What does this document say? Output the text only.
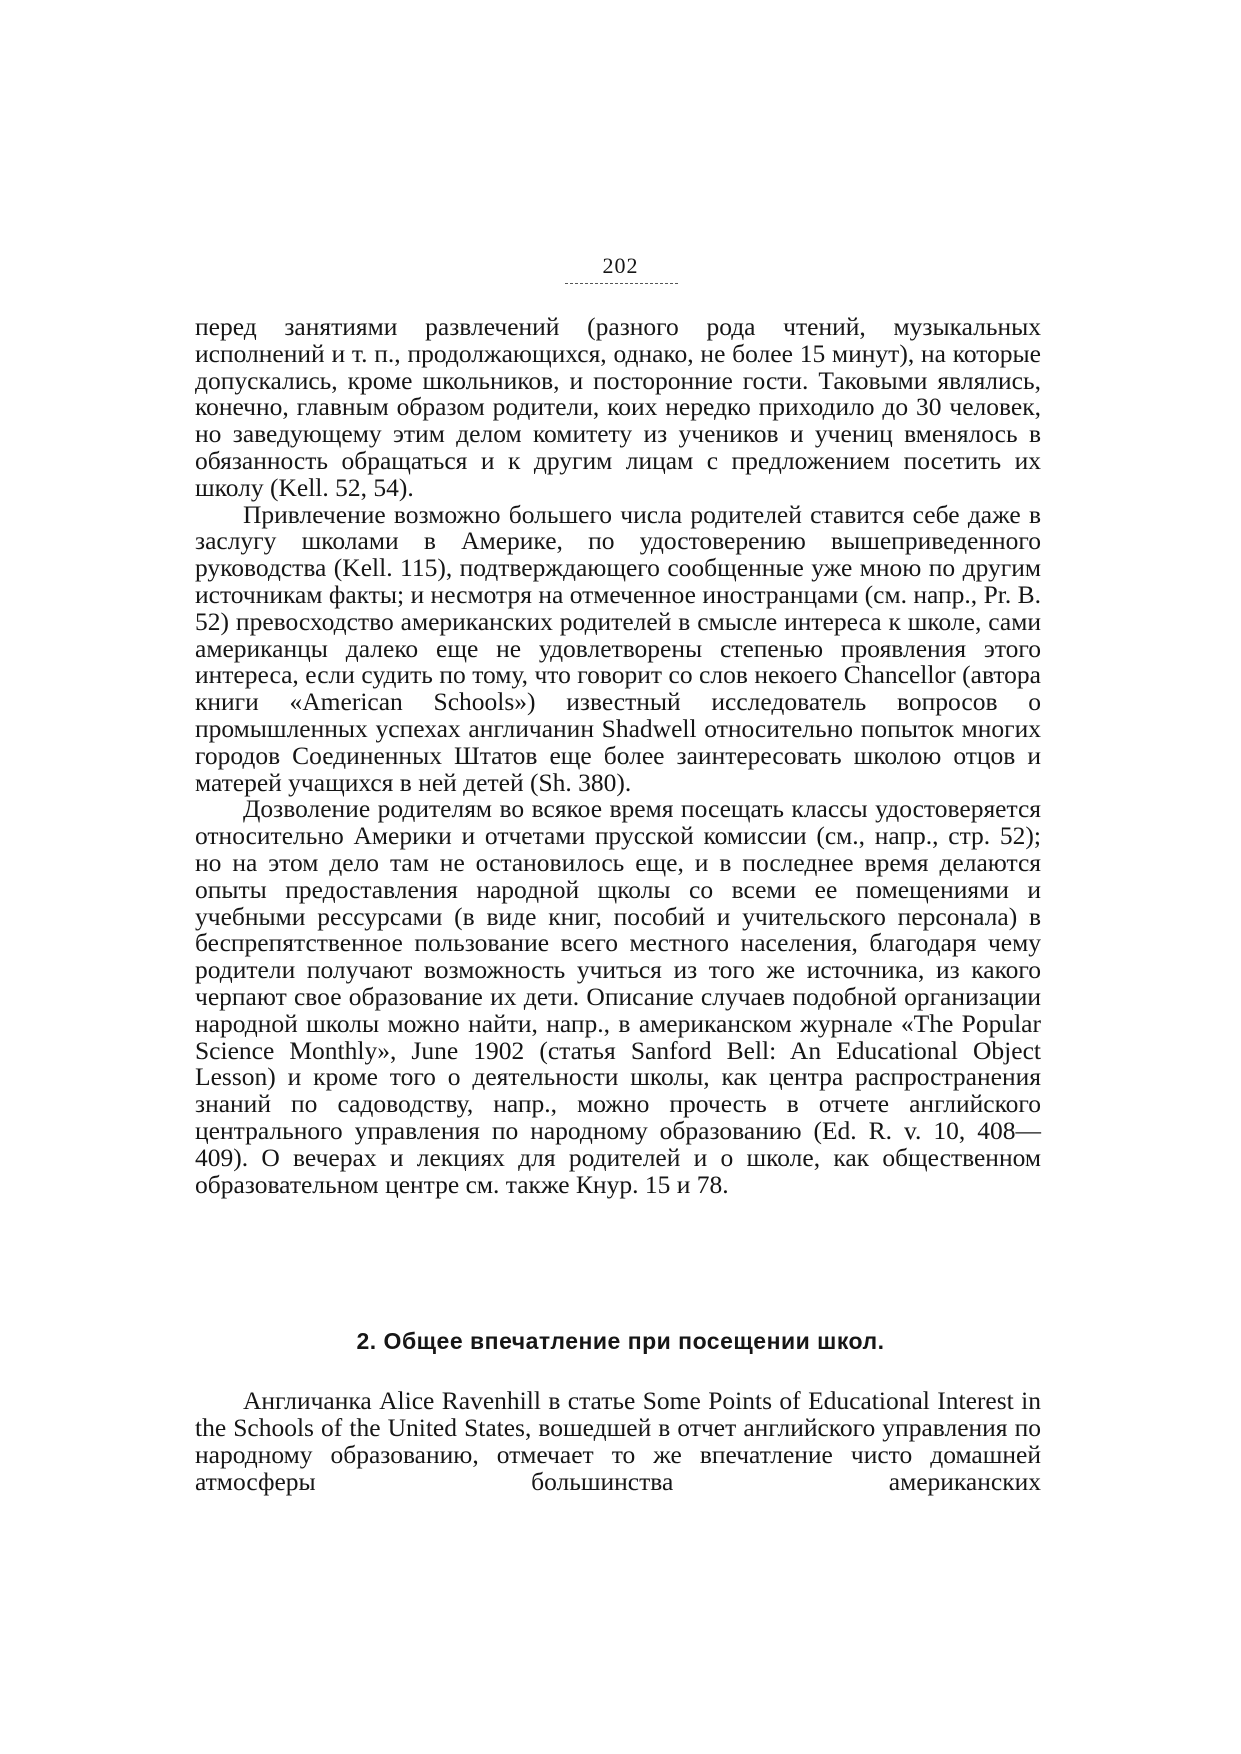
202

перед занятиями развлечений (разного рода чтений, музыкальных исполнений и т. п., продолжающихся, однако, не более 15 минут), на которые допускались, кроме школьников, и посторонние гости. Таковыми являлись, конечно, главным образом родители, коих нередко приходило до 30 человек, но заведующему этим делом комитету из учеников и учениц вменялось в обязанность обращаться и к другим лицам с предложением посетить их школу (Kell. 52, 54).

Привлечение возможно большего числа родителей ставится себе даже в заслугу школами в Америке, по удостоверению вышеприведенного руководства (Kell. 115), подтверждающего сообщенные уже мною по другим источникам факты; и несмотря на отмеченное иностранцами (см. напр., Pr. B. 52) превосходство американских родителей в смысле интереса к школе, сами американцы далеко еще не удовлетворены степенью проявления этого интереса, если судить по тому, что говорит со слов некоего Chancellor (автора книги «American Schools») известный исследователь вопросов о промышленных успехах англичанин Shadwell относительно попыток многих городов Соединенных Штатов еще более заинтересовать школою отцов и матерей учащихся в ней детей (Sh. 380).

Дозволение родителям во всякое время посещать классы удостоверяется относительно Америки и отчетами прусской комиссии (см., напр., стр. 52); но на этом дело там не остановилось еще, и в последнее время делаются опыты предоставления народной щколы со всеми ее помещениями и учебными рессурсами (в виде книг, пособий и учительского персонала) в беспрепятственное пользование всего местного населения, благодаря чему родители получают возможность учиться из того же источника, из какого черпают свое образование их дети. Описание случаев подобной организации народной школы можно найти, напр., в американском журнале «The Popular Science Monthly», June 1902 (статья Sanford Bell: An Educational Object Lesson) и кроме того о деятельности школы, как центра распространения знаний по садоводству, напр., можно прочесть в отчете английского центрального управления по народному образованию (Ed. R. v. 10, 408—409). О вечерах и лекциях для родителей и о школе, как общественном образовательном центре см. также Кнур. 15 и 78.

2. Общее впечатление при посещении школ.

Англичанка Alice Ravenhill в статье Some Points of Educational Interest in the Schools of the United States, вошедшей в отчет английского управления по народному образованию, отмечает то же впечатление чисто домашней атмосферы большинства американских
